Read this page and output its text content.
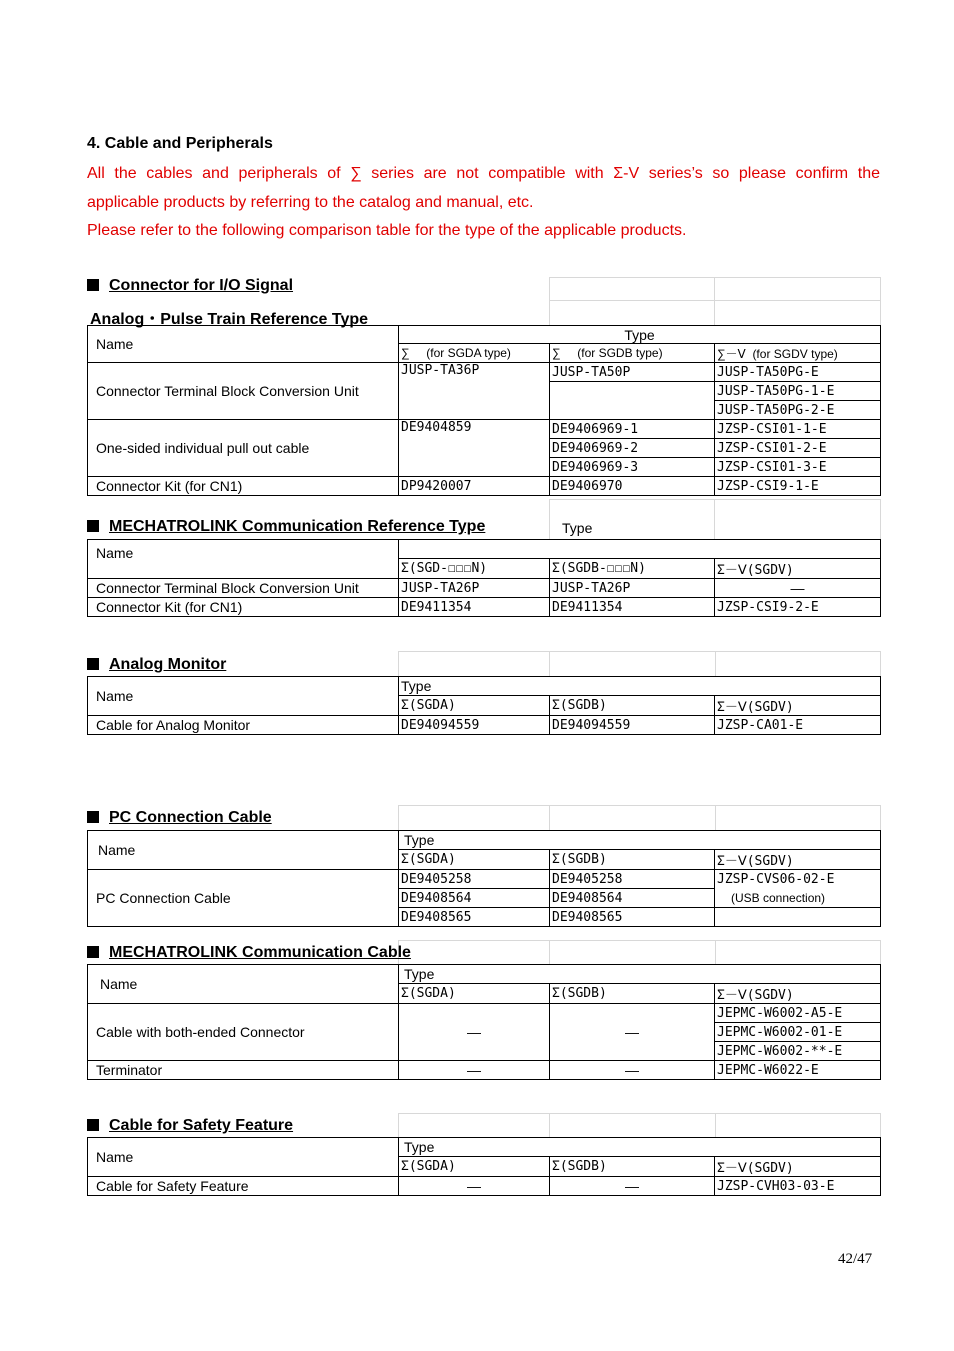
4. Cable and Peripherals
All the cables and peripherals of ∑ series are not compatible with Σ-V series’s so please confirm the
applicable products by referring to the catalog and manual, etc.
Please refer to the following comparison table for the type of the applicable products.
Connector for I/O Signal
Analog・Pulse Train Reference Type
Name	Type		
	∑ (for SGDA type)	∑ (for SGDB type)	∑－Ⅴ (for SGDV type)
Connector Terminal Block Conversion Unit	JUSP-TA36P	JUSP-TA50P	JUSP-TA50PG-E
			JUSP-TA50PG-1-E
			JUSP-TA50PG-2-E
One-sided individual pull out cable	DE9404859	DE9406969-1	JZSP-CSI01-1-E
		DE9406969-2	JZSP-CSI01-2-E
		DE9406969-3	JZSP-CSI01-3-E
Connector Kit (for CN1)	DP9420007	DE9406970	JZSP-CSI9-1-E
MECHATROLINK Communication Reference Type	Type
Name			
	Σ(SGD-☐☐☐N)	Σ(SGDB-☐☐☐N)	Σ－Ⅴ(SGDV)
Connector Terminal Block Conversion Unit	JUSP-TA26P	JUSP-TA26P	—
Connector Kit (for CN1)	DE9411354	DE9411354	JZSP-CSI9-2-E
Analog Monitor
Name	Type		
	Σ(SGDA)	Σ(SGDB)	Σ－Ⅴ(SGDV)
Cable for Analog Monitor	DE94094559	DE94094559	JZSP-CA01-E
PC Connection Cable
Name	Type		
	Σ(SGDA)	Σ(SGDB)	Σ－Ⅴ(SGDV)
PC Connection Cable	DE9405258	DE9405258	JZSP-CVS06-02-E
	DE9408564	DE9408564	(USB connection)
	DE9408565	DE9408565	
MECHATROLINK Communication Cable
Name	Type		
	Σ(SGDA)	Σ(SGDB)	Σ－Ⅴ(SGDV)
Cable with both-ended Connector	—	—	JEPMC-W6002-A5-E
			JEPMC-W6002-01-E
			JEPMC-W6002-**-E
Terminator	—	—	JEPMC-W6022-E
Cable for Safety Feature
Name	Type		
	Σ(SGDA)	Σ(SGDB)	Σ－Ⅴ(SGDV)
Cable for Safety Feature	—	—	JZSP-CVH03-03-E
42/47
